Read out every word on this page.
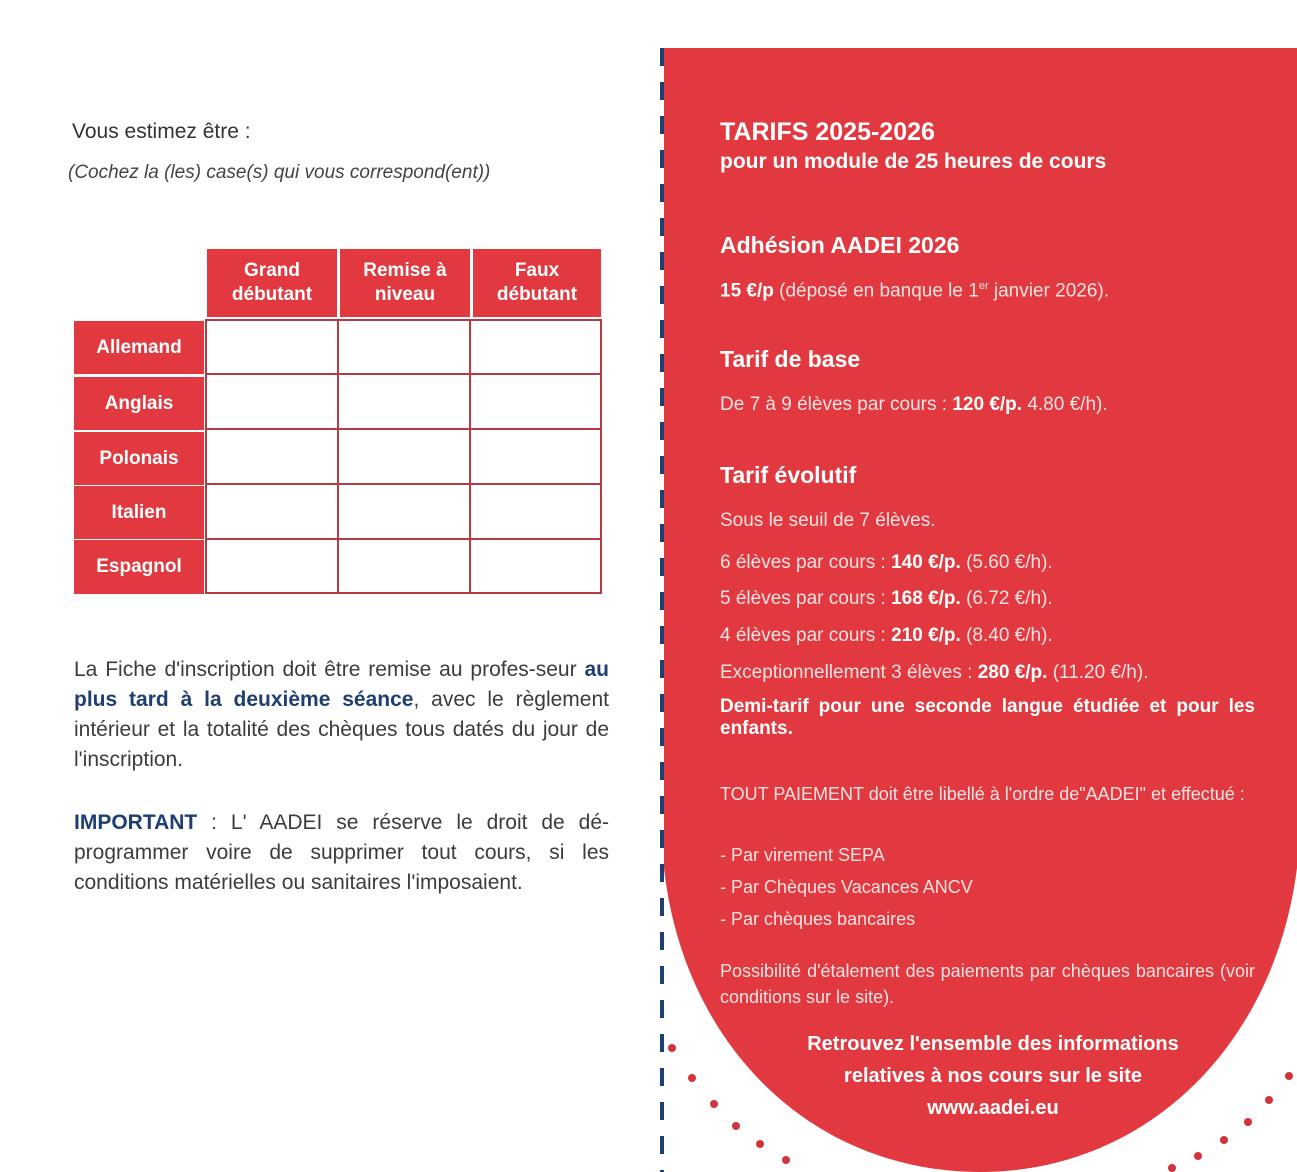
Vous estimez être :
(Cochez la (les) case(s) qui vous correspond(ent))
Grand
débutant
Remise à
niveau
Faux
débutant
Allemand
Anglais
Polonais
Italien
Espagnol
La Fiche d'inscription doit être remise au profes-seur au plus tard à la deuxième séance, avec le règlement intérieur et la totalité des chèques tous datés du jour de l'inscription.
IMPORTANT : L' AADEI se réserve le droit de dé-programmer voire de supprimer tout cours, si les conditions matérielles ou sanitaires l'imposaient.
TARIFS 2025-2026
pour un module de 25 heures de cours
Adhésion AADEI 2026
15 €/p (déposé en banque le 1er janvier 2026).
Tarif de base
De 7 à 9 élèves par cours : 120 €/p. 4.80 €/h).
Tarif évolutif
Sous le seuil de 7 élèves.
6 élèves par cours : 140 €/p. (5.60 €/h).
5 élèves par cours : 168 €/p. (6.72 €/h).
4 élèves par cours : 210 €/p. (8.40 €/h).
Exceptionnellement 3 élèves : 280 €/p. (11.20 €/h).
Demi-tarif pour une seconde langue étudiée et pour les enfants.
TOUT PAIEMENT doit être libellé à l'ordre de"AADEI" et effectué :
- Par virement SEPA
- Par Chèques Vacances ANCV
- Par chèques bancaires
Possibilité d'étalement des paiements par chèques bancaires (voir conditions sur le site).
Retrouvez l'ensemble des informations
relatives à nos cours sur le site
www.aadei.eu
